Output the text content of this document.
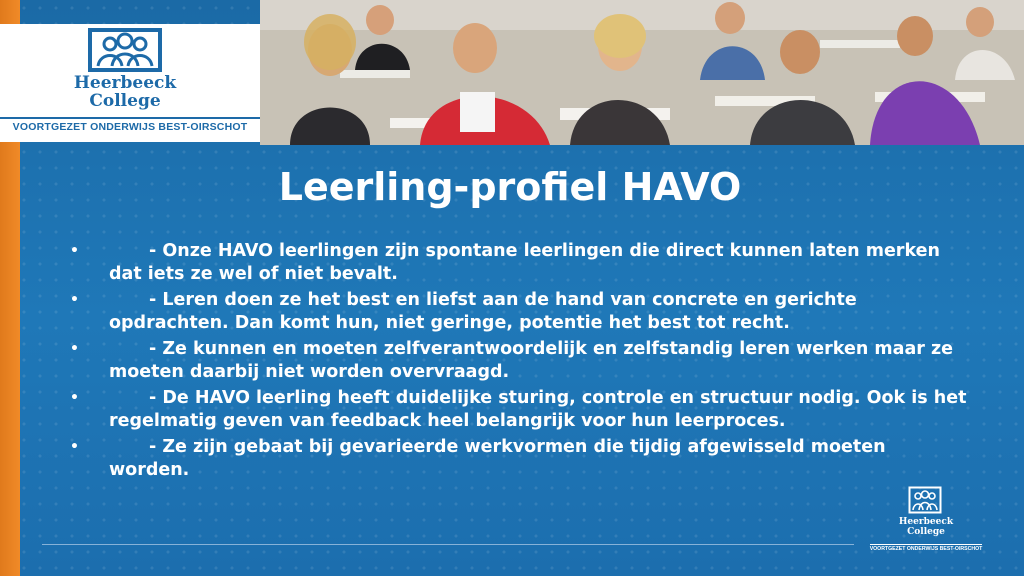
Heerbeeck
College
VOORTGEZET ONDERWIJS BEST-OIRSCHOT
Leerling-profiel HAVO
•	- Onze HAVO leerlingen zijn spontane leerlingen die direct kunnen laten merken dat iets ze wel of niet bevalt.
•	- Leren doen ze het best en liefst aan de hand van concrete en gerichte opdrachten. Dan komt hun, niet geringe, potentie het best tot recht.
•	- Ze kunnen en moeten zelfverantwoordelijk en zelfstandig leren werken maar ze moeten daarbij niet worden overvraagd.
•	- De HAVO leerling heeft duidelijke sturing, controle en structuur nodig. Ook is het regelmatig geven van feedback heel belangrijk voor hun leerproces.
•	- Ze zijn gebaat bij gevarieerde werkvormen die tijdig afgewisseld moeten worden.
Heerbeeck
College
VOORTGEZET ONDERWIJS BEST-OIRSCHOT
